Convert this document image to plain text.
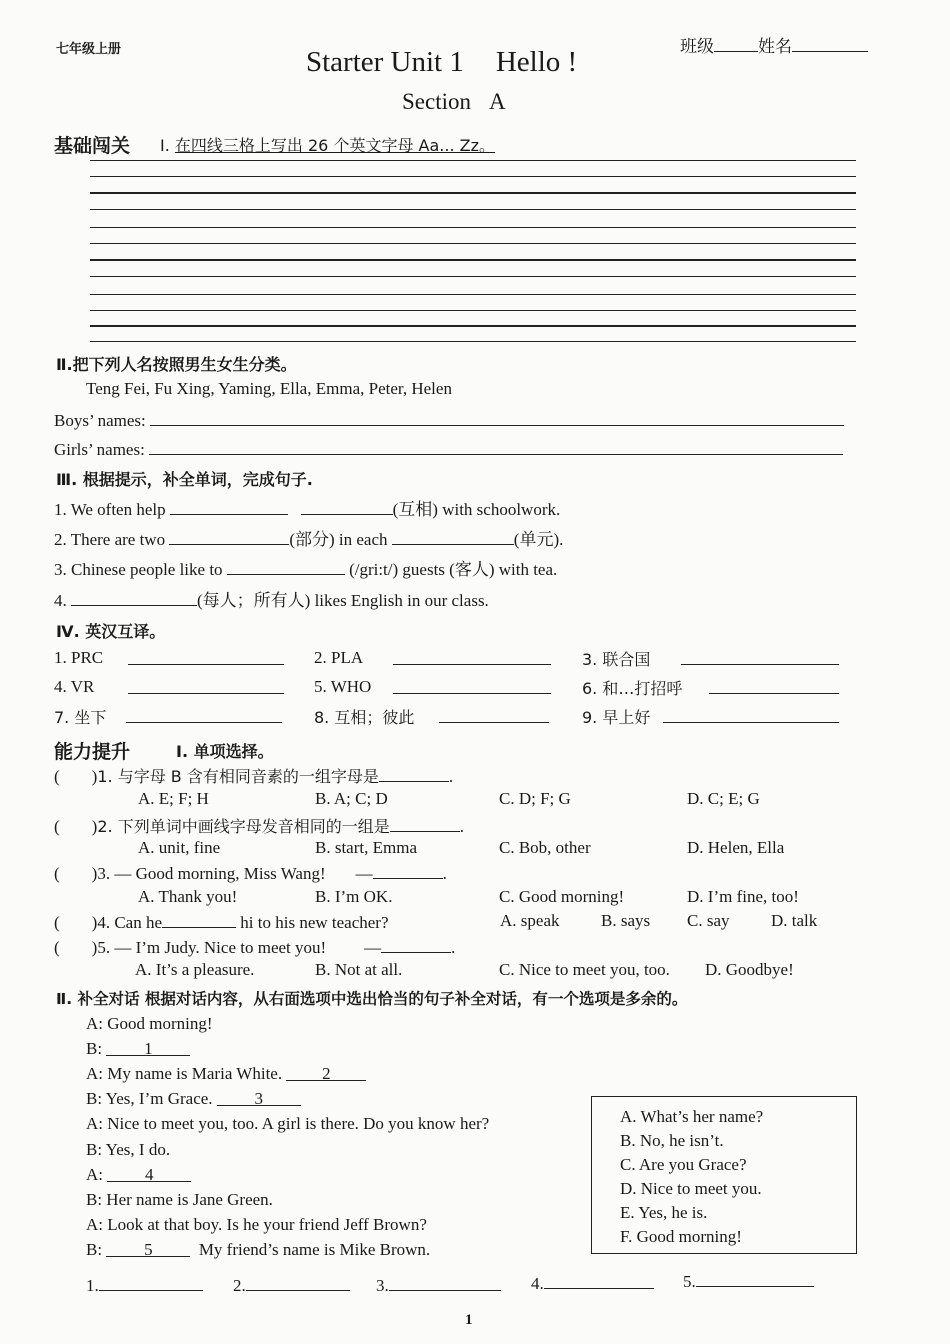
七年级上册	班级	姓名
Starter Unit 1 Hello !
Section A
基础闯关 Ⅰ. 在四线三格上写出 26 个英文字母 Aa... Zz。
Ⅱ.把下列人名按照男生女生分类。
Teng Fei, Fu Xing, Yaming, Ella, Emma, Peter, Helen
Boys’ names:
Girls’ names:
Ⅲ. 根据提示，补全单词，完成句子.
1. We often help	(互相) with schoolwork.
2. There are two	(部分) in each	(单元).
3. Chinese people like to	(/gri:t/) guests (客人) with tea.
4.	(每人；所有人) likes English in our class.
Ⅳ. 英汉互译。
1. PRC	2. PLA	3. 联合国
4. VR	5. WHO	6. 和…打招呼
7. 坐下	8. 互相；彼此	9. 早上好
能力提升	Ⅰ. 单项选择。
( )1. 与字母 B 含有相同音素的一组字母是	.
A. E; F; H	B. A; C; D	C. D; F; G	D. C; E; G
( )2. 下列单词中画线字母发音相同的一组是	.
A. unit, fine	B. start, Emma	C. Bob, other	D. Helen, Ella
( )3. — Good morning, Miss Wang! —	.
A. Thank you!	B. I’m OK.	C. Good morning!	D. I’m fine, too!
( )4. Can he	hi to his new teacher?	A. speak B. says C. say D. talk
( )5. — I’m Judy. Nice to meet you! —	.
A. It’s a pleasure.	B. Not at all.	C. Nice to meet you, too. D. Goodbye!
Ⅱ. 补全对话 根据对话内容，从右面选项中选出恰当的句子补全对话，有一个选项是多余的。
A: Good morning!
B: 1
A: My name is Maria White. 2
B: Yes, I’m Grace. 3
A: Nice to meet you, too. A girl is there. Do you know her?
B: Yes, I do.
A: 4
B: Her name is Jane Green.
A: Look at that boy. Is he your friend Jeff Brown?
B: 5	My friend’s name is Mike Brown.
A. What’s her name?
B. No, he isn’t.
C. Are you Grace?
D. Nice to meet you.
E. Yes, he is.
F. Good morning!
1.	2.	3.	4.	5.
1
